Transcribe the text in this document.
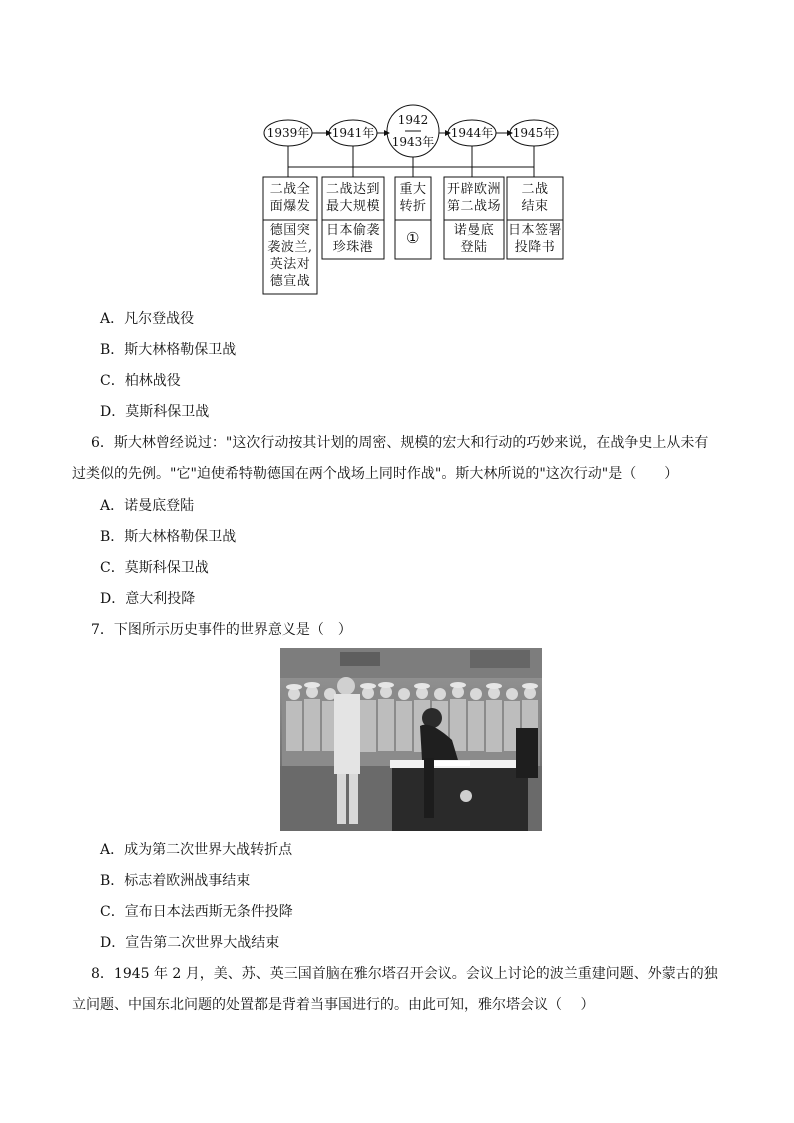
1939年 1941年
1942
1943年
1944年 1945年
二战全
面爆发
德国突
袭波兰,
英法对
德宣战
二战达到
最大规模
日本偷袭
珍珠港
重大
转折
①
开辟欧洲
第二战场
诺曼底
登陆
二战
结束
日本签署
投降书
A．凡尔登战役
B．斯大林格勒保卫战
C．柏林战役
D．莫斯科保卫战
6．斯大林曾经说过："这次行动按其计划的周密、规模的宏大和行动的巧妙来说，在战争史上从未有
过类似的先例。"它"迫使希特勒德国在两个战场上同时作战"。斯大林所说的"这次行动"是（　　）
A．诺曼底登陆
B．斯大林格勒保卫战
C．莫斯科保卫战
D．意大利投降
7．下图所示历史事件的世界意义是（　）
A．成为第二次世界大战转折点
B．标志着欧洲战事结束
C．宣布日本法西斯无条件投降
D．宣告第二次世界大战结束
8．1945 年 2 月，美、苏、英三国首脑在雅尔塔召开会议。会议上讨论的波兰重建问题、外蒙古的独
立问题、中国东北问题的处置都是背着当事国进行的。由此可知，雅尔塔会议（　 ）
